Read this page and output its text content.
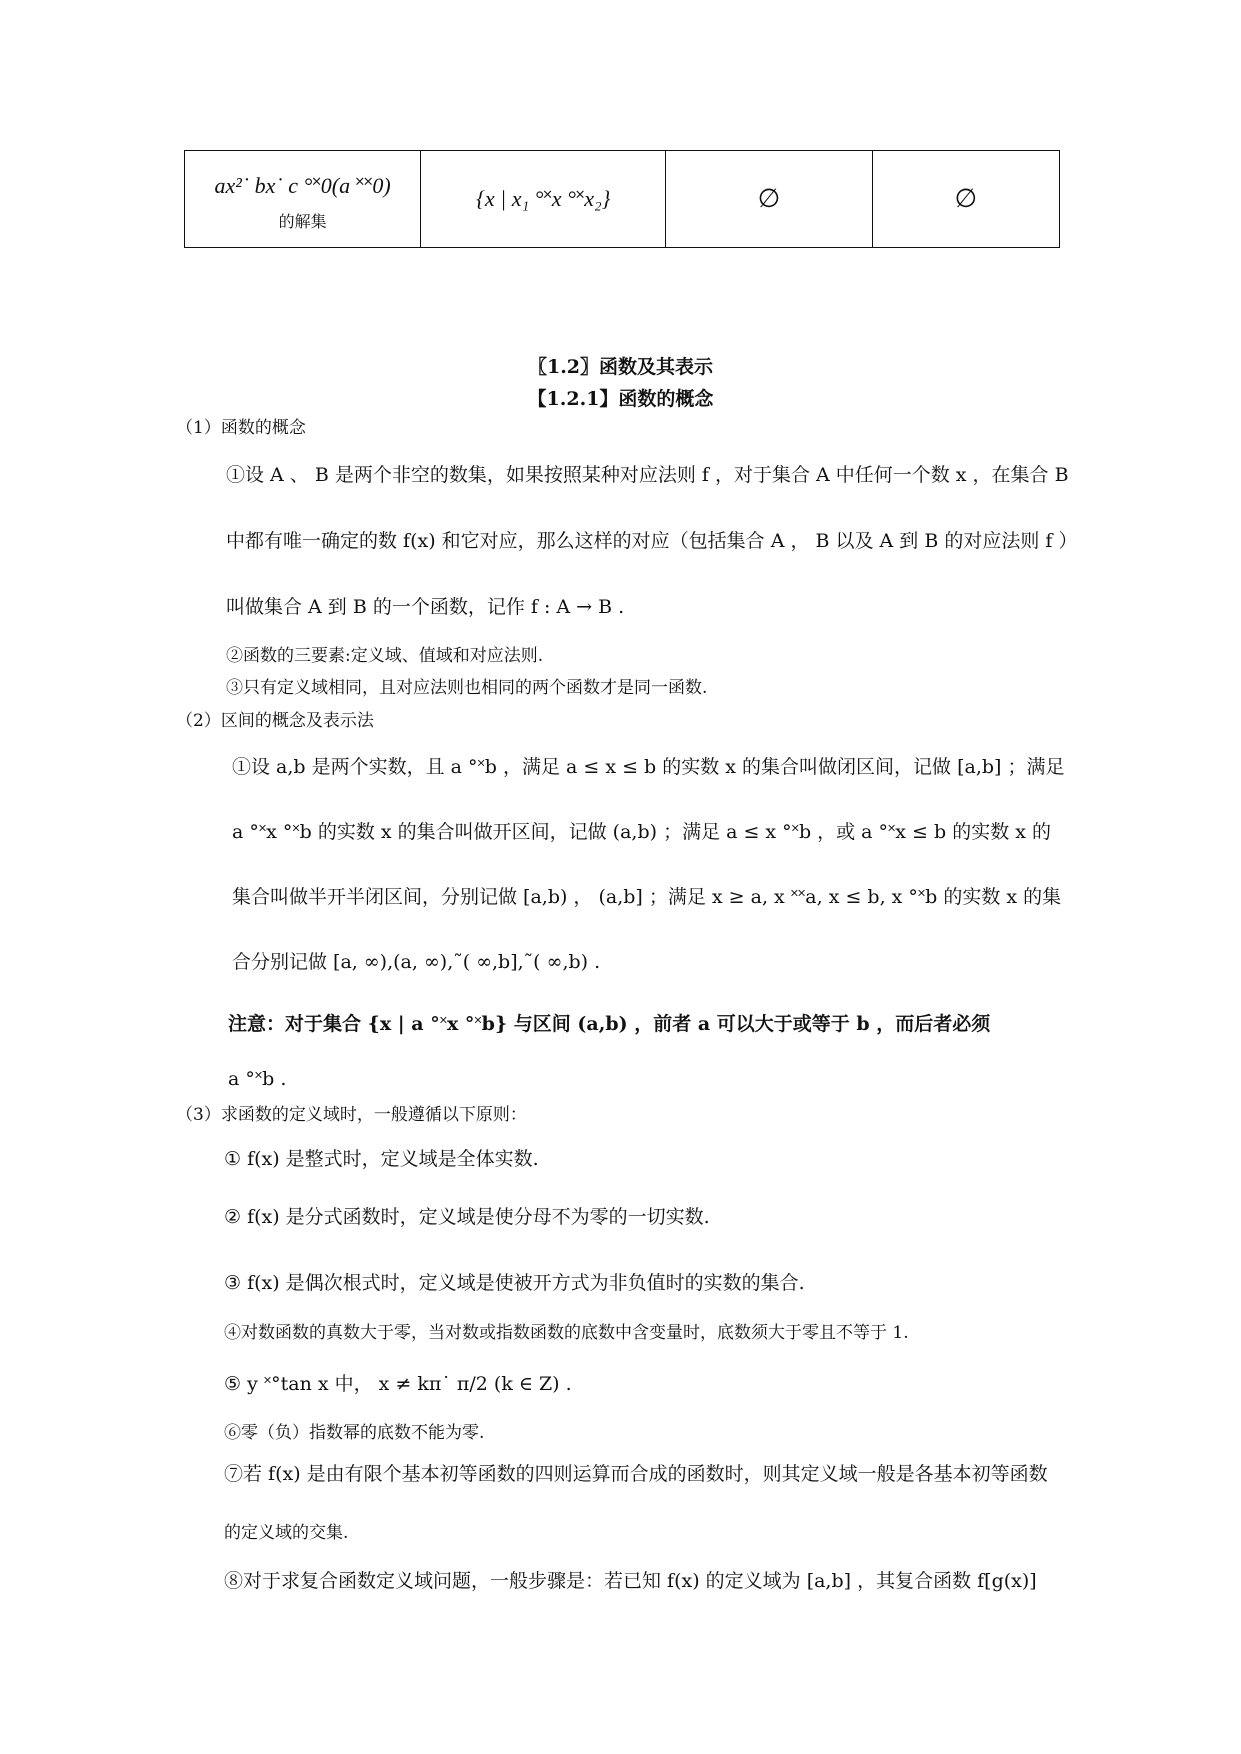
ax²˙ bx˙ c °˟0(a ˟˟0)
的解集
	{x | x₁ °˟x °˟x₂}	∅	∅
〖1.2〗函数及其表示
【1.2.1】函数的概念
（1）函数的概念
①设 A 、 B 是两个非空的数集，如果按照某种对应法则 f ，对于集合 A 中任何一个数 x ，在集合 B
中都有唯一确定的数 f(x) 和它对应，那么这样的对应（包括集合 A ， B 以及 A 到 B 的对应法则 f ）
叫做集合 A 到 B 的一个函数，记作 f : A → B .
②函数的三要素:定义域、值域和对应法则.
③只有定义域相同，且对应法则也相同的两个函数才是同一函数.
（2）区间的概念及表示法
①设 a,b 是两个实数，且 a °˟b ，满足 a ≤ x ≤ b 的实数 x 的集合叫做闭区间，记做 [a,b] ；满足
a °˟x °˟b 的实数 x 的集合叫做开区间，记做 (a,b) ；满足 a ≤ x °˟b ，或 a °˟x ≤ b 的实数 x 的
集合叫做半开半闭区间，分别记做 [a,b) ， (a,b] ；满足 x ≥ a, x ˟˟a, x ≤ b, x °˟b 的实数 x 的集
合分别记做 [a, ∞),(a, ∞),˜( ∞,b],˜( ∞,b) .
注意：对于集合 {x | a °˟x °˟b} 与区间 (a,b) ，前者 a 可以大于或等于 b ，而后者必须
a °˟b .
（3）求函数的定义域时，一般遵循以下原则：
① f(x) 是整式时，定义域是全体实数.
② f(x) 是分式函数时，定义域是使分母不为零的一切实数.
③ f(x) 是偶次根式时，定义域是使被开方式为非负值时的实数的集合.
④对数函数的真数大于零，当对数或指数函数的底数中含变量时，底数须大于零且不等于 1.
⑤ y ˟°tan x 中， x ≠ kπ˙ π/2 (k ∈ Z) .
⑥零（负）指数幂的底数不能为零.
⑦若 f(x) 是由有限个基本初等函数的四则运算而合成的函数时，则其定义域一般是各基本初等函数
的定义域的交集.
⑧对于求复合函数定义域问题，一般步骤是：若已知 f(x) 的定义域为 [a,b] ，其复合函数 f[g(x)]
